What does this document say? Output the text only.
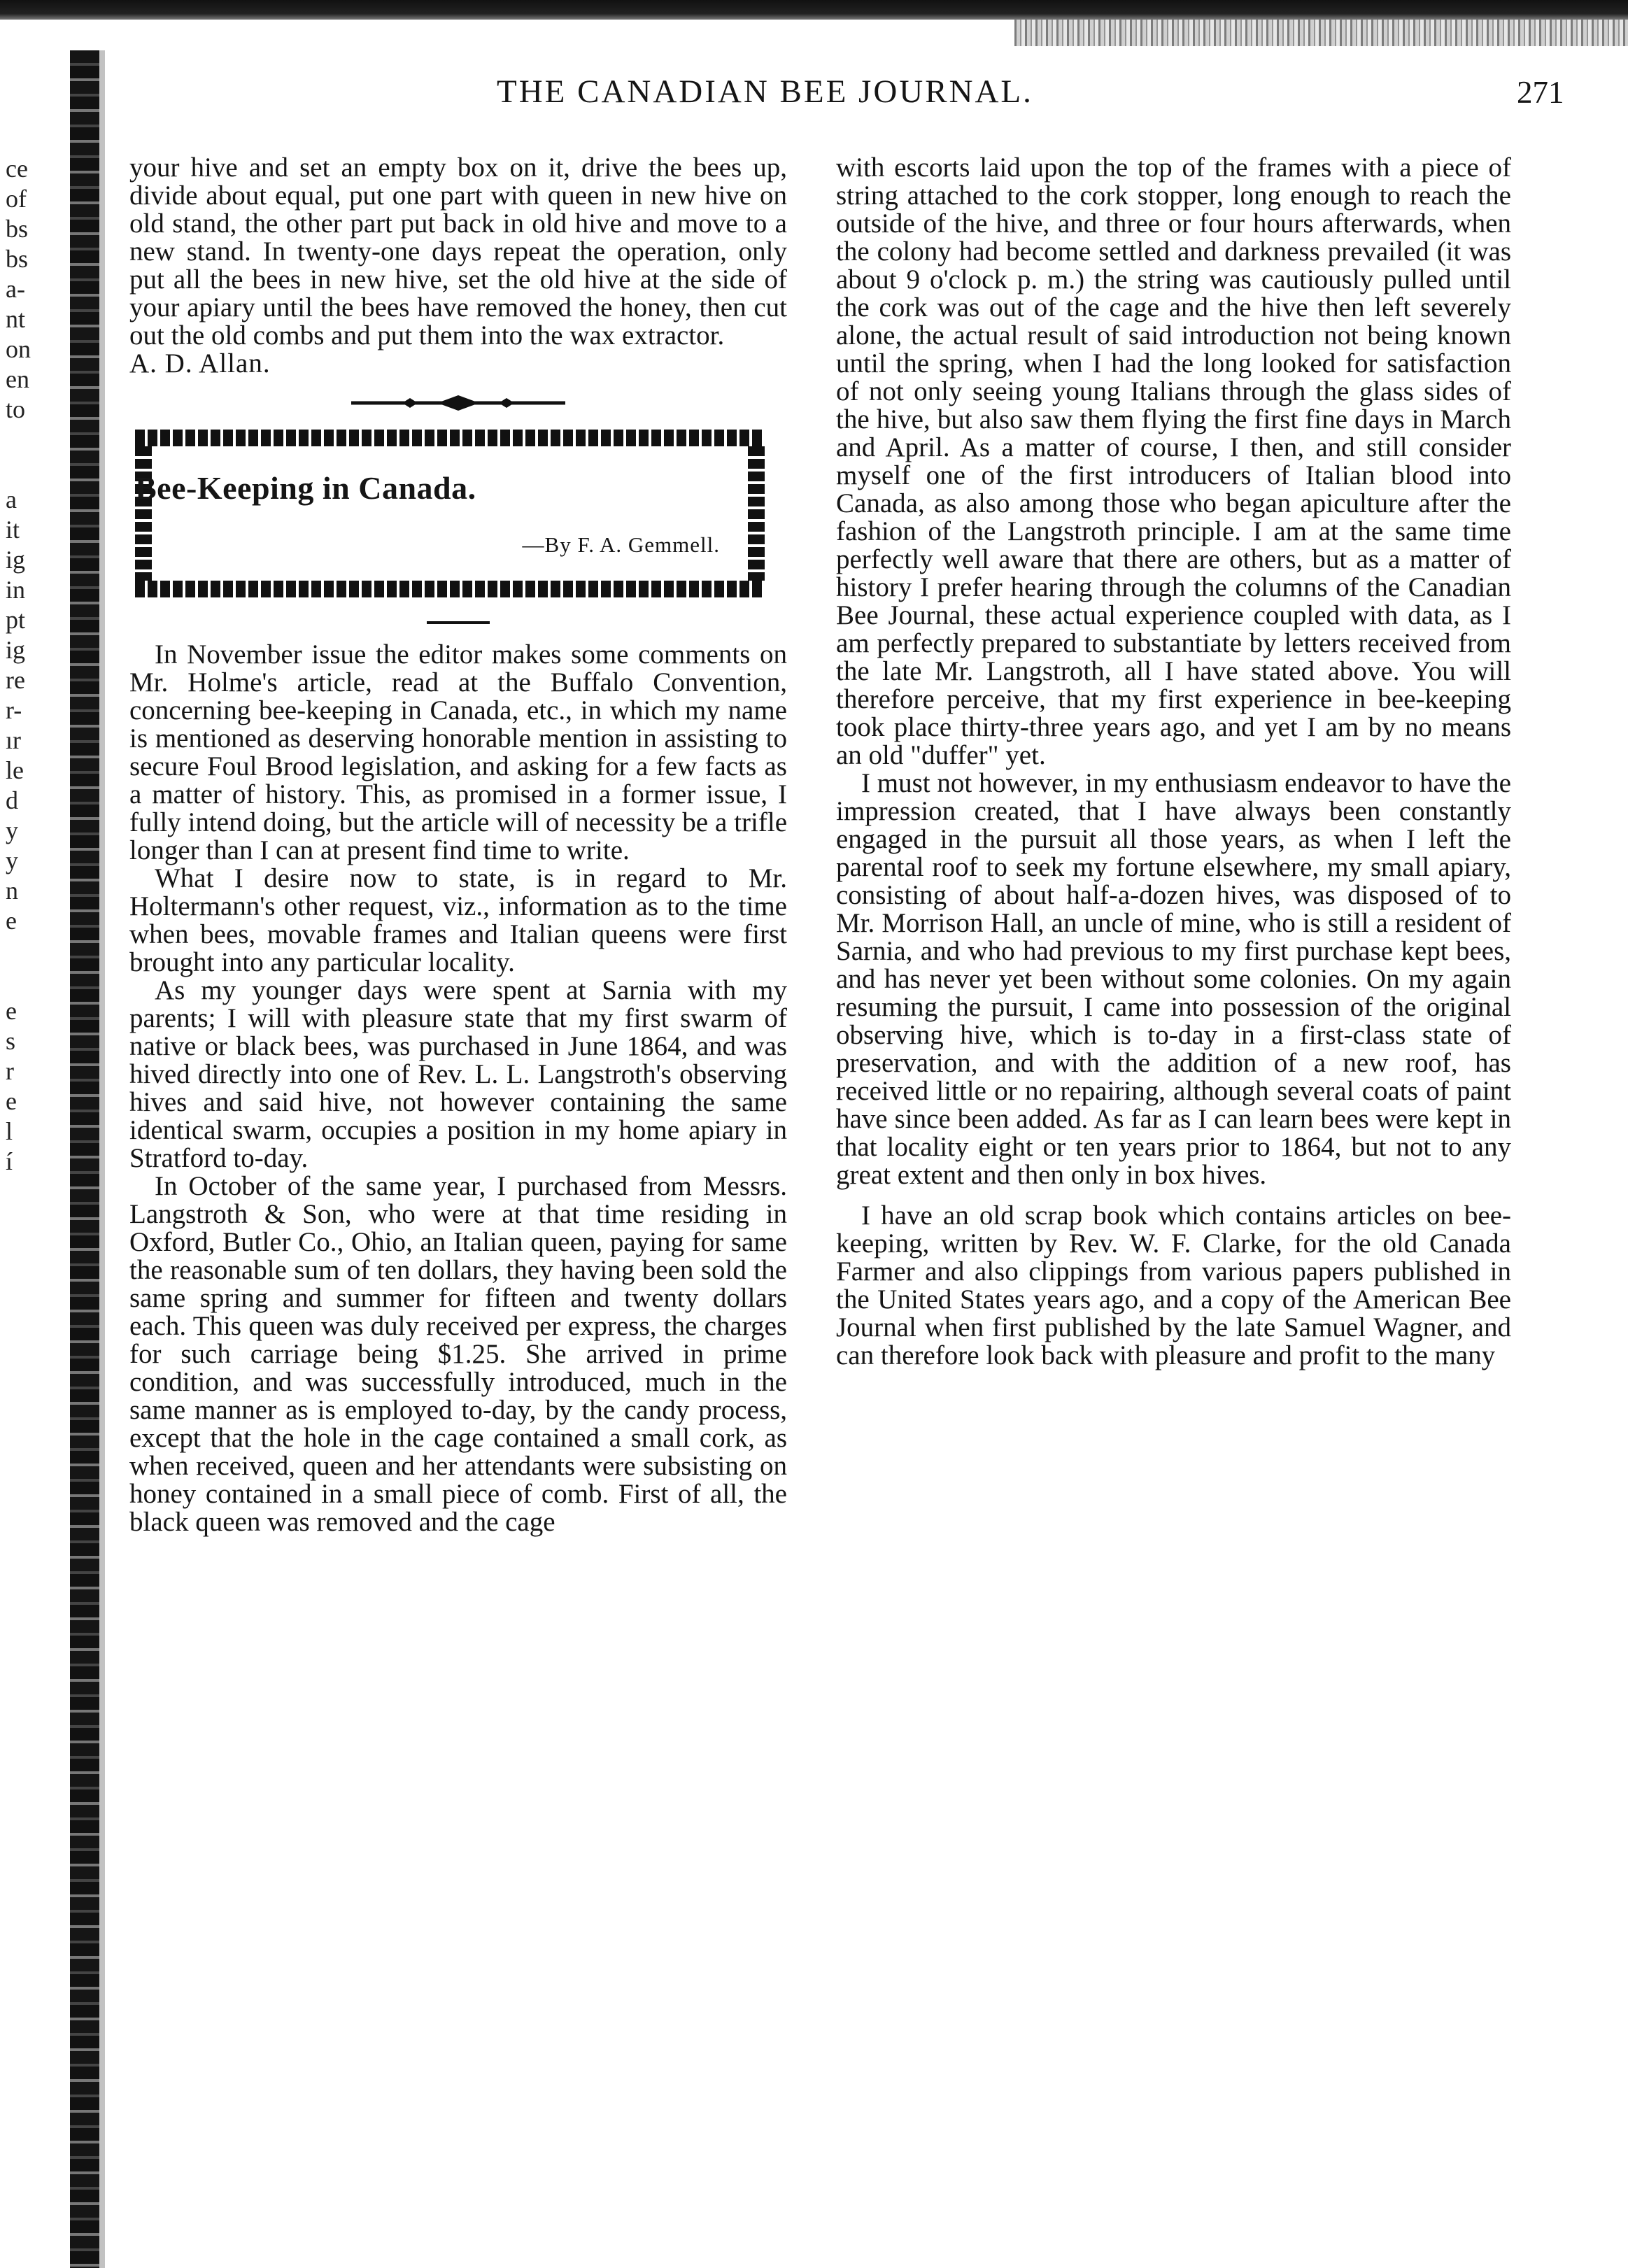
ce
of
bs
bs
a-
nt
on
en
to
a
it
ig
in
pt
ig
re
r-
ır
le
d
y
y
n
e
e
s
r
e
l
í
THE CANADIAN BEE JOURNAL.	271

your hive and set an empty box on it, drive the bees up, divide about equal, put one part with queen in new hive on old stand, the other part put back in old hive and move to a new stand. In twenty-one days repeat the operation, only put all the bees in new hive, set the old hive at the side of your apiary until the bees have removed the honey, then cut out the old combs and put them into the wax extractor.

A. D. Allan.

Bee-Keeping in Canada.
—By F. A. Gemmell.

In November issue the editor makes some comments on Mr. Holme's article, read at the Buffalo Convention, concerning bee-keeping in Canada, etc., in which my name is mentioned as deserving honorable mention in assisting to secure Foul Brood legislation, and asking for a few facts as a matter of history. This, as promised in a former issue, I fully intend doing, but the article will of necessity be a trifle longer than I can at present find time to write.

What I desire now to state, is in regard to Mr. Holtermann's other request, viz., information as to the time when bees, movable frames and Italian queens were first brought into any particular locality.

As my younger days were spent at Sarnia with my parents; I will with pleasure state that my first swarm of native or black bees, was purchased in June 1864, and was hived directly into one of Rev. L. L. Langstroth's observing hives and said hive, not however containing the same identical swarm, occupies a position in my home apiary in Stratford to-day.

In October of the same year, I purchased from Messrs. Langstroth & Son, who were at that time residing in Oxford, Butler Co., Ohio, an Italian queen, paying for same the reasonable sum of ten dollars, they having been sold the same spring and summer for fifteen and twenty dollars each. This queen was duly received per express, the charges for such carriage being $1.25. She arrived in prime condition, and was successfully introduced, much in the same manner as is employed to-day, by the candy process, except that the hole in the cage contained a small cork, as when received, queen and her attendants were subsisting on honey contained in a small piece of comb. First of all, the black queen was removed and the cage

with escorts laid upon the top of the frames with a piece of string attached to the cork stopper, long enough to reach the outside of the hive, and three or four hours afterwards, when the colony had become settled and darkness prevailed (it was about 9 o'clock p. m.) the string was cautiously pulled until the cork was out of the cage and the hive then left severely alone, the actual result of said introduction not being known until the spring, when I had the long looked for satisfaction of not only seeing young Italians through the glass sides of the hive, but also saw them flying the first fine days in March and April. As a matter of course, I then, and still consider myself one of the first introducers of Italian blood into Canada, as also among those who began apiculture after the fashion of the Langstroth principle. I am at the same time perfectly well aware that there are others, but as a matter of history I prefer hearing through the columns of the Canadian Bee Journal, these actual experience coupled with data, as I am perfectly prepared to substantiate by letters received from the late Mr. Langstroth, all I have stated above. You will therefore perceive, that my first experience in bee-keeping took place thirty-three years ago, and yet I am by no means an old "duffer" yet.

I must not however, in my enthusiasm endeavor to have the impression created, that I have always been constantly engaged in the pursuit all those years, as when I left the parental roof to seek my fortune elsewhere, my small apiary, consisting of about half-a-dozen hives, was disposed of to Mr. Morrison Hall, an uncle of mine, who is still a resident of Sarnia, and who had previous to my first purchase kept bees, and has never yet been without some colonies. On my again resuming the pursuit, I came into possession of the original observing hive, which is to-day in a first-class state of preservation, and with the addition of a new roof, has received little or no repairing, although several coats of paint have since been added. As far as I can learn bees were kept in that locality eight or ten years prior to 1864, but not to any great extent and then only in box hives.

I have an old scrap book which contains articles on bee-keeping, written by Rev. W. F. Clarke, for the old Canada Farmer and also clippings from various papers published in the United States years ago, and a copy of the American Bee Journal when first published by the late Samuel Wagner, and can therefore look back with pleasure and profit to the many
